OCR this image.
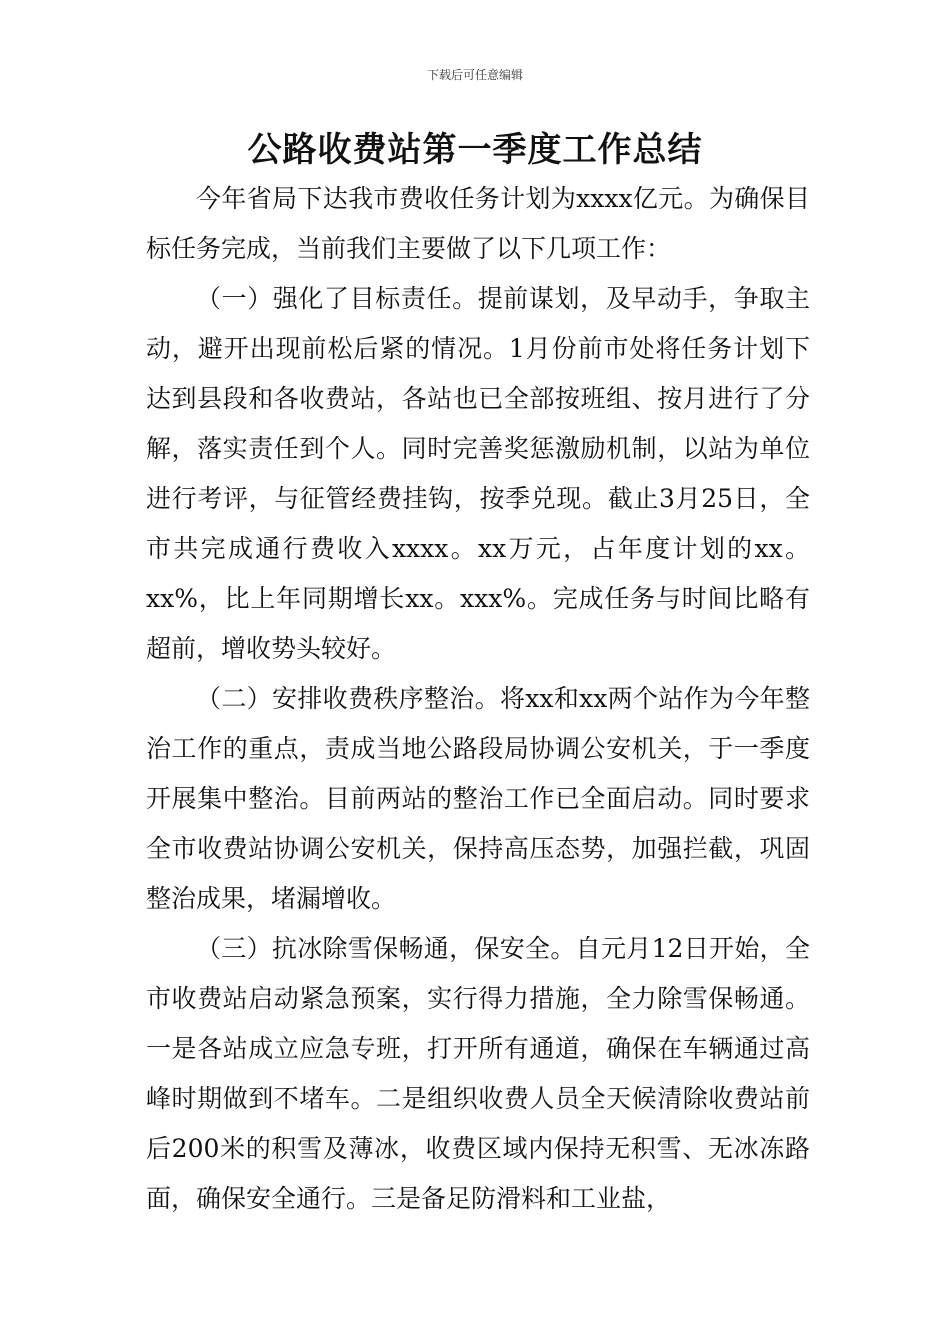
下载后可任意编辑
公路收费站第一季度工作总结

今年省局下达我市费收任务计划为xxxx亿元。为确保目标任务完成，当前我们主要做了以下几项工作：

（一）强化了目标责任。提前谋划，及早动手，争取主动，避开出现前松后紧的情况。1月份前市处将任务计划下达到县段和各收费站，各站也已全部按班组、按月进行了分解，落实责任到个人。同时完善奖惩激励机制，以站为单位进行考评，与征管经费挂钩，按季兑现。截止3月25日，全市共完成通行费收入xxxx。xx万元，占年度计划的xx。xx%，比上年同期增长xx。xxx%。完成任务与时间比略有超前，增收势头较好。

（二）安排收费秩序整治。将xx和xx两个站作为今年整治工作的重点，责成当地公路段局协调公安机关，于一季度开展集中整治。目前两站的整治工作已全面启动。同时要求全市收费站协调公安机关，保持高压态势，加强拦截，巩固整治成果，堵漏增收。

（三）抗冰除雪保畅通，保安全。自元月12日开始，全市收费站启动紧急预案，实行得力措施，全力除雪保畅通。一是各站成立应急专班，打开所有通道，确保在车辆通过高峰时期做到不堵车。二是组织收费人员全天候清除收费站前后200米的积雪及薄冰，收费区域内保持无积雪、无冰冻路面，确保安全通行。三是备足防滑料和工业盐，
